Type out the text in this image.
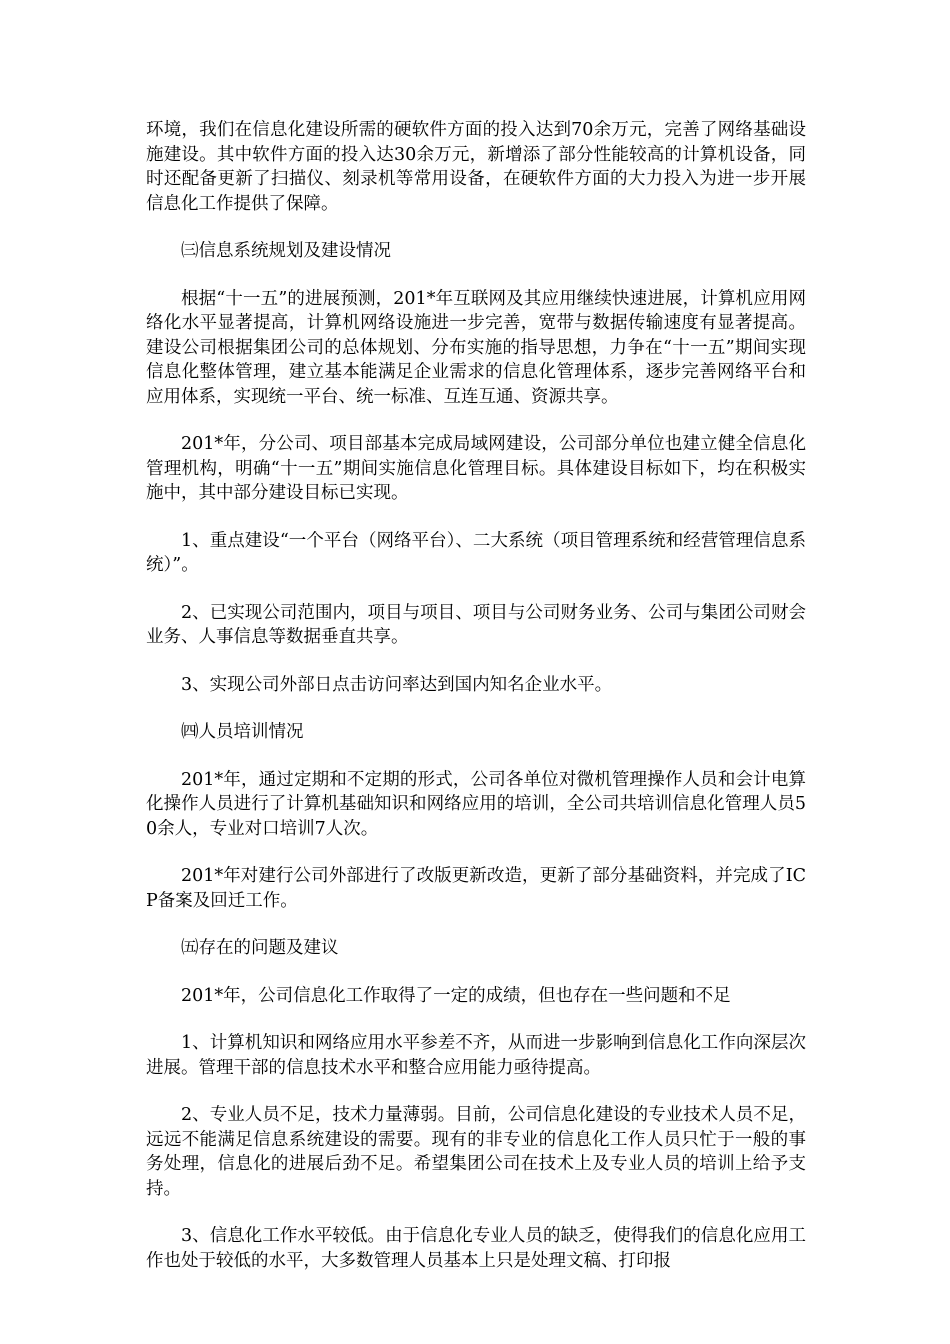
环境，我们在信息化建设所需的硬软件方面的投入达到70余万元，完善了网络基础设施建设。其中软件方面的投入达30余万元，新增添了部分性能较高的计算机设备，同时还配备更新了扫描仪、刻录机等常用设备，在硬软件方面的大力投入为进一步开展信息化工作提供了保障。

㈢信息系统规划及建设情况

根据“十一五”的进展预测，201*年互联网及其应用继续快速进展，计算机应用网络化水平显著提高，计算机网络设施进一步完善，宽带与数据传输速度有显著提高。建设公司根据集团公司的总体规划、分布实施的指导思想，力争在“十一五”期间实现信息化整体管理，建立基本能满足企业需求的信息化管理体系，逐步完善网络平台和应用体系，实现统一平台、统一标准、互连互通、资源共享。

201*年，分公司、项目部基本完成局域网建设，公司部分单位也建立健全信息化管理机构，明确“十一五”期间实施信息化管理目标。具体建设目标如下，均在积极实施中，其中部分建设目标已实现。

1、重点建设“一个平台（网络平台）、二大系统（项目管理系统和经营管理信息系统）”。

2、已实现公司范围内，项目与项目、项目与公司财务业务、公司与集团公司财会业务、人事信息等数据垂直共享。

3、实现公司外部日点击访问率达到国内知名企业水平。

㈣人员培训情况

201*年，通过定期和不定期的形式，公司各单位对微机管理操作人员和会计电算化操作人员进行了计算机基础知识和网络应用的培训，全公司共培训信息化管理人员50余人，专业对口培训7人次。

201*年对建行公司外部进行了改版更新改造，更新了部分基础资料，并完成了ICP备案及回迁工作。

㈤存在的问题及建议

201*年，公司信息化工作取得了一定的成绩，但也存在一些问题和不足

1、计算机知识和网络应用水平参差不齐，从而进一步影响到信息化工作向深层次进展。管理干部的信息技术水平和整合应用能力亟待提高。

2、专业人员不足，技术力量薄弱。目前，公司信息化建设的专业技术人员不足，远远不能满足信息系统建设的需要。现有的非专业的信息化工作人员只忙于一般的事务处理，信息化的进展后劲不足。希望集团公司在技术上及专业人员的培训上给予支持。

3、信息化工作水平较低。由于信息化专业人员的缺乏，使得我们的信息化应用工作也处于较低的水平，大多数管理人员基本上只是处理文稿、打印报
